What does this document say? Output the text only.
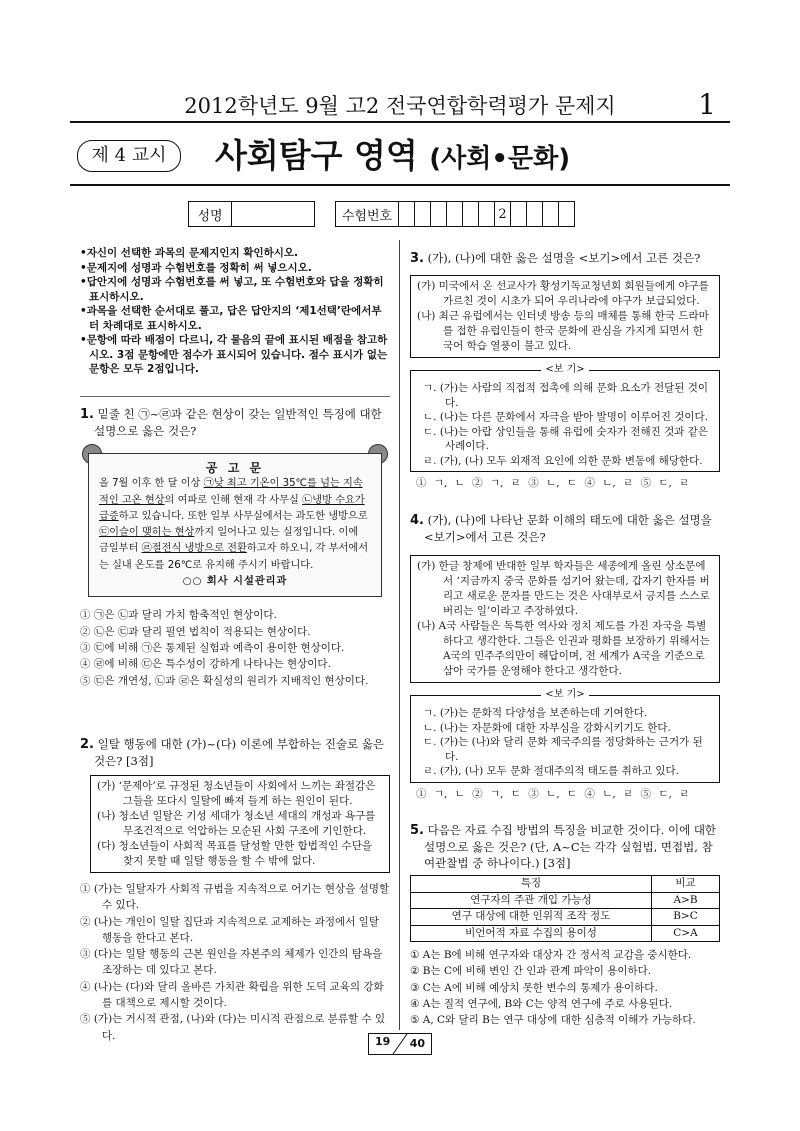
2012학년도 9월 고2 전국연합학력평가 문제지	1
제 4 교시	사회탐구 영역 (사회•문화)
성명		수험번호							2				

•자신이 선택한 과목의 문제지인지 확인하시오.

•문제지에 성명과 수험번호를 정확히 써 넣으시오.

•답안지에 성명과 수험번호를 써 넣고, 또 수험번호와 답을 정확히 표시하시오.

•과목을 선택한 순서대로 풀고, 답은 답안지의 ‘제1선택’란에서부터 차례대로 표시하시오.

•문항에 따라 배점이 다르니, 각 물음의 끝에 표시된 배점을 참고하시오. 3점 문항에만 점수가 표시되어 있습니다. 점수 표시가 없는 문항은 모두 2점입니다.

1. 밑줄 친 ㉠~㉣과 같은 현상이 갖는 일반적인 특징에 대한 설명으로 옳은 것은?

공 고 문
올 7월 이후 한 달 이상 ㉠낮 최고 기온이 35℃를 넘는 지속적인 고온 현상의 여파로 인해 현재 각 사무실 ㉡냉방 수요가 급증하고 있습니다. 또한 일부 사무실에서는 과도한 냉방으로 ㉢이슬이 맺히는 현상까지 일어나고 있는 실정입니다. 이에 금일부터 ㉣절전식 냉방으로 전환하고자 하오니, 각 부서에서는 실내 온도를 26℃로 유지해 주시기 바랍니다.
○○ 회사 시설관리과

① ㉠은 ㉡과 달리 가치 함축적인 현상이다.

② ㉡은 ㉢과 달리 필연 법칙이 적용되는 현상이다.

③ ㉢에 비해 ㉠은 통제된 실험과 예측이 용이한 현상이다.

④ ㉣에 비해 ㉢은 특수성이 강하게 나타나는 현상이다.

⑤ ㉢은 개연성, ㉡과 ㉣은 확실성의 원리가 지배적인 현상이다.

2. 일탈 행동에 대한 (가)~(다) 이론에 부합하는 진술로 옳은 것은? [3점]

(가) ‘문제아’로 규정된 청소년들이 사회에서 느끼는 좌절감은 그들을 또다시 일탈에 빠져 들게 하는 원인이 된다.

(나) 청소년 일탈은 기성 세대가 청소년 세대의 개성과 욕구를 무조건적으로 억압하는 모순된 사회 구조에 기인한다.

(다) 청소년들이 사회적 목표를 달성할 만한 합법적인 수단을 찾지 못할 때 일탈 행동을 할 수 밖에 없다.

① (가)는 일탈자가 사회적 규범을 지속적으로 어기는 현상을 설명할 수 있다.

② (나)는 개인이 일탈 집단과 지속적으로 교제하는 과정에서 일탈 행동을 한다고 본다.

③ (다)는 일탈 행동의 근본 원인을 자본주의 체제가 인간의 탐욕을 조장하는 데 있다고 본다.

④ (나)는 (다)와 달리 올바른 가치관 확립을 위한 도덕 교육의 강화를 대책으로 제시할 것이다.

⑤ (가)는 거시적 관점, (나)와 (다)는 미시적 관점으로 분류할 수 있다.

3. (가), (나)에 대한 옳은 설명을 <보기>에서 고른 것은?

(가) 미국에서 온 선교사가 황성기독교청년회 회원들에게 야구를 가르친 것이 시초가 되어 우리나라에 야구가 보급되었다.

(나) 최근 유럽에서는 인터넷 방송 등의 매체를 통해 한국 드라마를 접한 유럽인들이 한국 문화에 관심을 가지게 되면서 한국어 학습 열풍이 불고 있다.

<보 기>

ㄱ. (가)는 사람의 직접적 접촉에 의해 문화 요소가 전달된 것이다.

ㄴ. (나)는 다른 문화에서 자극을 받아 발명이 이루어진 것이다.

ㄷ. (나)는 아랍 상인들을 통해 유럽에 숫자가 전해진 것과 같은 사례이다.

ㄹ. (가), (나) 모두 외재적 요인에 의한 문화 변동에 해당한다.

① ㄱ, ㄴ ② ㄱ, ㄹ ③ ㄴ, ㄷ ④ ㄴ, ㄹ ⑤ ㄷ, ㄹ

4. (가), (나)에 나타난 문화 이해의 태도에 대한 옳은 설명을 <보기>에서 고른 것은?

(가) 한글 창제에 반대한 일부 학자들은 세종에게 올린 상소문에서 ‘지금까지 중국 문화를 섬기어 왔는데, 갑자기 한자를 버리고 새로운 문자를 만드는 것은 사대부로서 긍지를 스스로 버리는 일’이라고 주장하였다.

(나) A국 사람들은 독특한 역사와 정치 제도를 가진 자국을 특별하다고 생각한다. 그들은 인권과 평화를 보장하기 위해서는 A국의 민주주의만이 해답이며, 전 세계가 A국을 기준으로 삼아 국가를 운영해야 한다고 생각한다.

<보 기>

ㄱ. (가)는 문화적 다양성을 보존하는데 기여한다.

ㄴ. (나)는 자문화에 대한 자부심을 강화시키기도 한다.

ㄷ. (가)는 (나)와 달리 문화 제국주의를 정당화하는 근거가 된다.

ㄹ. (가), (나) 모두 문화 절대주의적 태도를 취하고 있다.

① ㄱ, ㄴ ② ㄱ, ㄷ ③ ㄴ, ㄷ ④ ㄴ, ㄹ ⑤ ㄷ, ㄹ

5. 다음은 자료 수집 방법의 특징을 비교한 것이다. 이에 대한 설명으로 옳은 것은? (단, A~C는 각각 실험법, 면접법, 참여관찰법 중 하나이다.) [3점]

특징	비교
연구자의 주관 개입 가능성	A>B
연구 대상에 대한 인위적 조작 정도	B>C
비언어적 자료 수집의 용이성	C>A

① A는 B에 비해 연구자와 대상자 간 정서적 교감을 중시한다.

② B는 C에 비해 변인 간 인과 관계 파악이 용이하다.

③ C는 A에 비해 예상치 못한 변수의 통제가 용이하다.

④ A는 질적 연구에, B와 C는 양적 연구에 주로 사용된다.

⑤ A, C와 달리 B는 연구 대상에 대한 심층적 이해가 가능하다.

19 40
